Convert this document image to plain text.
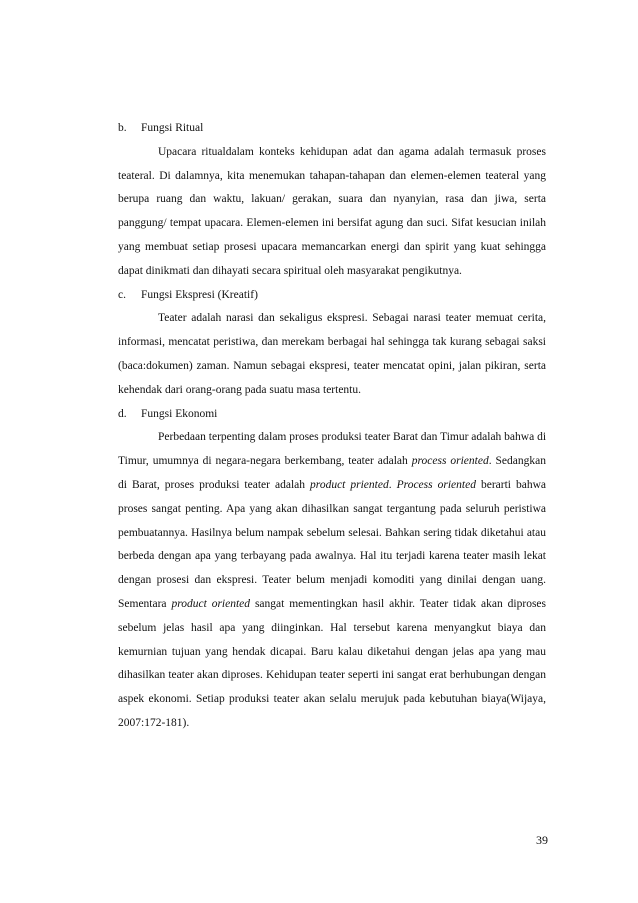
b.	Fungsi Ritual
Upacara ritualdalam konteks kehidupan adat dan agama adalah termasuk proses teateral. Di dalamnya, kita menemukan tahapan-tahapan dan elemen-elemen teateral yang berupa ruang dan waktu, lakuan/ gerakan, suara dan nyanyian, rasa dan jiwa, serta panggung/ tempat upacara. Elemen-elemen ini bersifat agung dan suci. Sifat kesucian inilah yang membuat setiap prosesi upacara memancarkan energi dan spirit yang kuat sehingga dapat dinikmati dan dihayati secara spiritual oleh masyarakat pengikutnya.
c.	Fungsi Ekspresi (Kreatif)
Teater adalah narasi dan sekaligus ekspresi. Sebagai narasi teater memuat cerita, informasi, mencatat peristiwa, dan merekam berbagai hal sehingga tak kurang sebagai saksi (baca:dokumen) zaman. Namun sebagai ekspresi, teater mencatat opini, jalan pikiran, serta kehendak dari orang-orang pada suatu masa tertentu.
d.	Fungsi Ekonomi
Perbedaan terpenting dalam proses produksi teater Barat dan Timur adalah bahwa di Timur, umumnya di negara-negara berkembang, teater adalah process oriented. Sedangkan di Barat, proses produksi teater adalah product priented. Process oriented berarti bahwa proses sangat penting. Apa yang akan dihasilkan sangat tergantung pada seluruh peristiwa pembuatannya. Hasilnya belum nampak sebelum selesai. Bahkan sering tidak diketahui atau berbeda dengan apa yang terbayang pada awalnya. Hal itu terjadi karena teater masih lekat dengan prosesi dan ekspresi. Teater belum menjadi komoditi yang dinilai dengan uang. Sementara product oriented sangat mementingkan hasil akhir. Teater tidak akan diproses sebelum jelas hasil apa yang diinginkan. Hal tersebut karena menyangkut biaya dan kemurnian tujuan yang hendak dicapai. Baru kalau diketahui dengan jelas apa yang mau dihasilkan teater akan diproses. Kehidupan teater seperti ini sangat erat berhubungan dengan aspek ekonomi. Setiap produksi teater akan selalu merujuk pada kebutuhan biaya(Wijaya, 2007:172-181).
39
